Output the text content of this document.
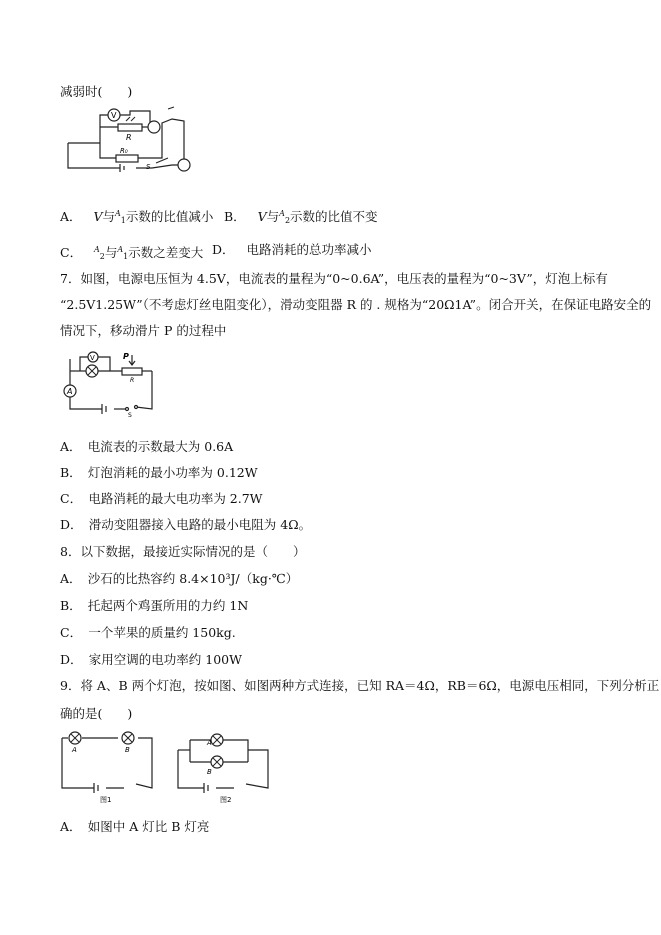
减弱时(　　)
V
R
R₀
S
A． V与$^A_1$示数的比值减小 B． V与$^A_2$示数的比值不变
C． $^A_2$与$^A_1$示数之差变大 D． 电路消耗的总功率减小
7．如图，电源电压恒为 4.5V，电流表的量程为“0~0.6A”，电压表的量程为“0~3V”，灯泡上标有
“2.5V1.25W”（不考虑灯丝电阻变化），滑动变阻器 R 的 . 规格为“20Ω1A”。闭合开关，在保证电路安全的
情况下，移动滑片 P 的过程中
A
V	P
R
S
A．　电流表的示数最大为 0.6A
B．　灯泡消耗的最小功率为 0.12W
C．　电路消耗的最大电功率为 2.7W
D．　滑动变阻器接入电路的最小电阻为 4Ω。
8．以下数据，最接近实际情况的是（　　）
A．　沙石的比热容约 8.4×10³J/（kg·℃）
B．　托起两个鸡蛋所用的力约 1N
C．　一个苹果的质量约 150kg.
D．　家用空调的电功率约 100W
9．将 A、B 两个灯泡，按如图、如图两种方式连接，已知 RA＝4Ω，RB＝6Ω，电源电压相同，下列分析正
确的是(　　)
A	B
图1
A
B
图2
A．　如图中 A 灯比 B 灯亮
